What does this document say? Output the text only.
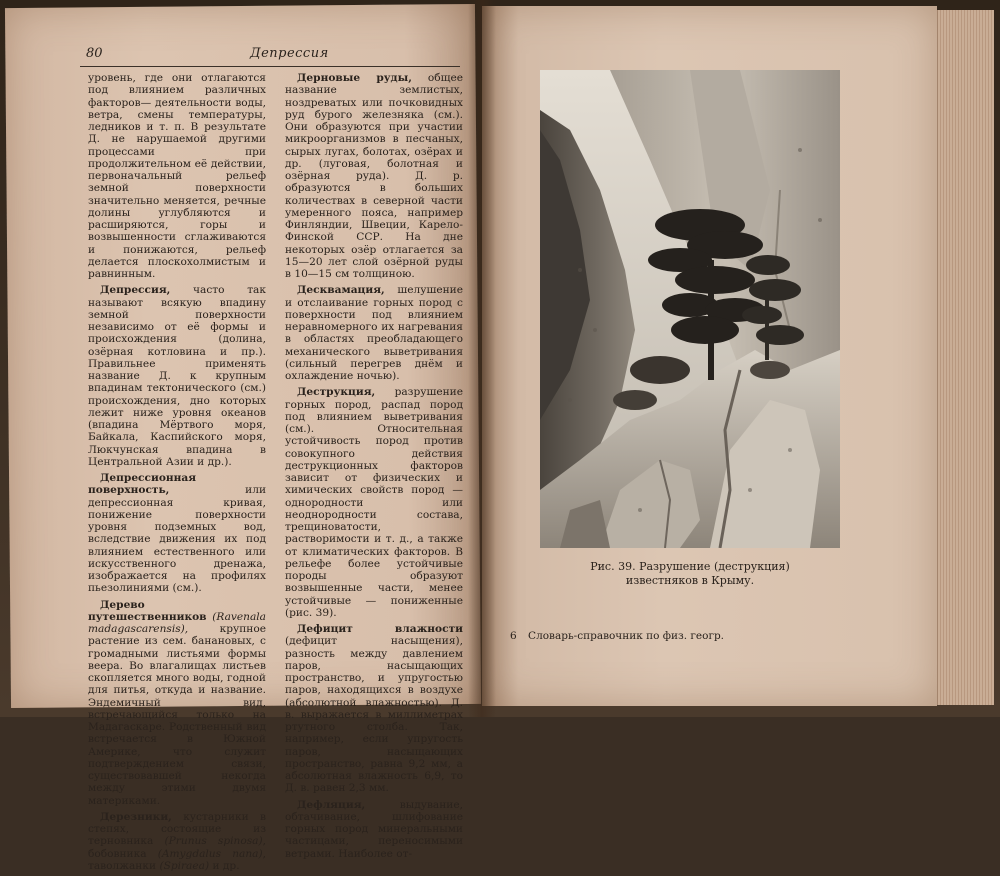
80	Депрессия

уровень, где они отлагаются под влиянием различных факторов— деятельности воды, ветра, смены температуры, ледников и т. п. В результате Д. не нарушаемой другими процессами при продолжительном её действии, первоначальный рельеф земной поверхности значительно меняется, речные долины углубляются и расширяются, горы и возвышенности сглаживаются и понижаются, рельеф делается плоскохолмистым и равнинным.

Депрессия, часто так называют всякую впадину земной поверхности независимо от её формы и происхождения (долина, озёрная котловина и пр.). Правильнее применять название Д. к крупным впадинам тектонического (см.) происхождения, дно которых лежит ниже уровня океанов (впадина Мёртвого моря, Байкала, Каспийского моря, Люкчунская впадина в Центральной Азии и др.).

Депрессионная поверхность, или депрессионная кривая, понижение поверхности уровня подземных вод, вследствие движения их под влиянием естественного или искусственного дренажа, изображается на профилях пьезолиниями (см.).

Дерево путешественников (Ravenala madagascarensis), крупное растение из сем. банановых, с громадными листьями формы веера. Во влагалищах листьев скопляется много воды, годной для питья, откуда и название. Эндемичный вид, встречающийся только на Мадагаскаре. Родственный вид встречается в Южной Америке, что служит подтверждением связи, существовавшей некогда между этими двумя материками.

Дерезники, кустарники в степях, состоящие из терновника (Prunus spinosa), бобовника (Amygdalus nana), таволжанки (Spiraea) и др.

Дерновые руды, общее название землистых, ноздреватых или почковидных руд бурого железняка (см.). Они образуются при участии микроорганизмов в песчаных, сырых лугах, болотах, озёрах и др. (луговая, болотная и озёрная руда). Д. р. образуются в больших количествах в северной части умеренного пояса, например Финляндии, Швеции, Карело-Финской ССР. На дне некоторых озёр отлагается за 15—20 лет слой озёрной руды в 10—15 см толщиною.

Десквамация, шелушение и отслаивание горных пород с поверхности под влиянием неравномерного их нагревания в областях преобладающего механического выветривания (сильный перегрев днём и охлаждение ночью).

Деструкция, разрушение горных пород, распад пород под влиянием выветривания (см.). Относительная устойчивость пород против совокупного действия деструкционных факторов зависит от физических и химических свойств пород — однородности или неоднородности состава, трещиноватости, растворимости и т. д., а также от климатических факторов. В рельефе более устойчивые породы образуют возвышенные части, менее устойчивые — пониженные (рис. 39).

Дефицит влажности (дефицит насыщения), разность между давлением паров, насыщающих пространство, и упругостью паров, находящихся в воздухе (абсолютной влажностью). Д. в. выражается в миллиметрах ртутного столба. Так, например, если упругость паров, насыщающих пространство, равна 9,2 мм, а абсолютная влажность 6,9, то Д. в. равен 2,3 мм.

Дефляция, выдувание, обтачивание, шлифование горных пород минеральными частицами, переносимыми ветрами. Наиболее от-

Рис. 39. Разрушение (деструкция) известняков в Крыму.
6 Словарь-справочник по физ. геогр.
